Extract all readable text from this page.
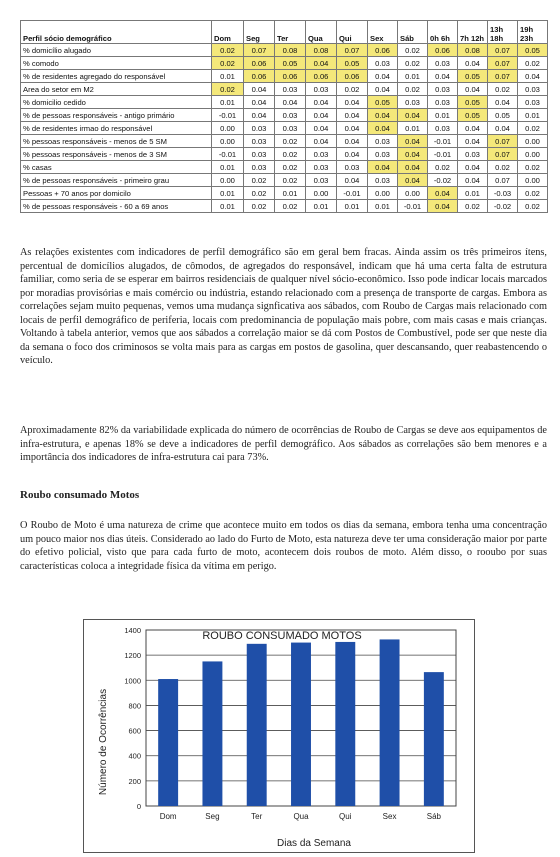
Perfil sócio demográfico	Dom	Seg	Ter	Qua	Qui	Sex	Sáb	0h 6h	7h 12h	13h 18h	19h 23h
% domicílio alugado	0.02	0.07	0.08	0.08	0.07	0.06	0.02	0.06	0.08	0.07	0.05
% comodo	0.02	0.06	0.05	0.04	0.05	0.03	0.02	0.03	0.04	0.07	0.02
% de residentes agregado do responsável	0.01	0.06	0.06	0.06	0.06	0.04	0.01	0.04	0.05	0.07	0.04
Area do setor em M2	0.02	0.04	0.03	0.03	0.02	0.04	0.02	0.03	0.04	0.02	0.03
% domicilio cedido	0.01	0.04	0.04	0.04	0.04	0.05	0.03	0.03	0.05	0.04	0.03
% de pessoas responsáveis - antigo primário	-0.01	0.04	0.03	0.04	0.04	0.04	0.04	0.01	0.05	0.05	0.01
% de residentes irmao do responsável	0.00	0.03	0.03	0.04	0.04	0.04	0.01	0.03	0.04	0.04	0.02
% pessoas responsáveis - menos de 5 SM	0.00	0.03	0.02	0.04	0.04	0.03	0.04	-0.01	0.04	0.07	0.00
% pessoas responsáveis - menos de 3 SM	-0.01	0.03	0.02	0.03	0.04	0.03	0.04	-0.01	0.03	0.07	0.00
% casas	0.01	0.03	0.02	0.03	0.03	0.04	0.04	0.02	0.04	0.02	0.02
% de pessoas responsáveis - primeiro grau	0.00	0.02	0.02	0.03	0.04	0.03	0.04	-0.02	0.04	0.07	0.00
Pessoas + 70 anos por domicilo	0.01	0.02	0.01	0.00	-0.01	0.00	0.00	0.04	0.01	-0.03	0.02
% de pessoas responsáveis - 60 a 69 anos	0.01	0.02	0.02	0.01	0.01	0.01	-0.01	0.04	0.02	-0.02	0.02

As relações existentes com indicadores de perfil demográfico são em geral bem fracas. Ainda assim os três primeiros ítens, percentual de domicílios alugados, de cômodos, de agregados do responsável, indicam que há uma certa falta de estrutura familiar, como seria de se esperar em bairros residenciais de qualquer nível sócio-econômico. Isso pode indicar locais marcados por moradias provisórias e mais comércio ou indústria, estando relacionado com a presença de transporte de cargas. Embora as correlações sejam muito pequenas, vemos uma mudança signficativa aos sábados, com Roubo de Cargas mais relacionado com locais de perfil demográfico de periferia, locais com predominancia de população mais pobre, com mais casas e mais crianças. Voltando à tabela anterior, vemos que aos sábados a correlação maior se dá com Postos de Combustível, pode ser que neste dia da semana o foco dos criminosos se volta mais para as cargas em postos de gasolina, quer descansando, quer reabastencendo o veículo.

Aproximadamente 82% da variabilidade explicada do número de ocorrências de Roubo de Cargas se deve aos equipamentos de infra-estrutura, e apenas 18% se deve a indicadores de perfil demográfico. Aos sábados as correlações são bem menores e a importância dos indicadores de infra-estrutura cai para 73%.

Roubo consumado Motos

O Roubo de Moto é uma natureza de crime que acontece muito em todos os dias da semana, embora tenha uma concentração um pouco maior nos dias úteis. Considerado ao lado do Furto de Moto, esta natureza deve ter uma consideração maior por parte do efetivo policial, visto que para cada furto de moto, acontecem dois roubos de moto. Além disso, o rooubo por suas características coloca a integridade física da vítima em perigo.

ROUBO CONSUMADO MOTOS
Número de Ocorrências
Dias da Semana
0
200
400
600
800
1000
1200
1400
Dom	Seg	Ter	Qua	Qui	Sex	Sáb
